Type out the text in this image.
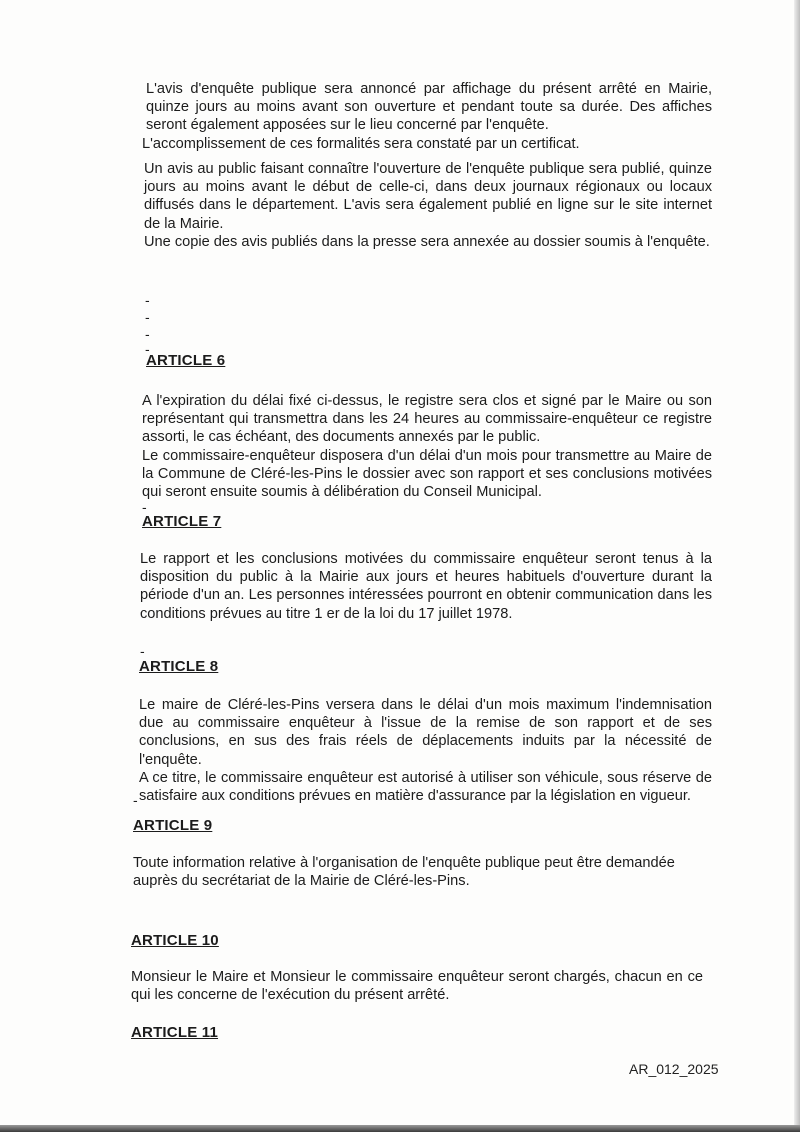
L'avis d'enquête publique sera annoncé par affichage du présent arrêté en Mairie, quinze jours au moins avant son ouverture et pendant toute sa durée. Des affiches seront également apposées sur le lieu concerné par l'enquête.

L'accomplissement de ces formalités sera constaté par un certificat.

Un avis au public faisant connaître l'ouverture de l'enquête publique sera publié, quinze jours au moins avant le début de celle-ci, dans deux journaux régionaux ou locaux diffusés dans le département. L'avis sera également publié en ligne sur le site internet de la Mairie.

Une copie des avis publiés dans la presse sera annexée au dossier soumis à l'enquête.

-
-
-
-
ARTICLE 6

A l'expiration du délai fixé ci-dessus, le registre sera clos et signé par le Maire ou son représentant qui transmettra dans les 24 heures au commissaire-enquêteur ce registre assorti, le cas échéant, des documents annexés par le public.

Le commissaire-enquêteur disposera d'un délai d'un mois pour transmettre au Maire de la Commune de Cléré-les-Pins le dossier avec son rapport et ses conclusions motivées qui seront ensuite soumis à délibération du Conseil Municipal.

-
ARTICLE 7

Le rapport et les conclusions motivées du commissaire enquêteur seront tenus à la disposition du public à la Mairie aux jours et heures habituels d'ouverture durant la période d'un an. Les personnes intéressées pourront en obtenir communication dans les conditions prévues au titre 1 er de la loi du 17 juillet 1978.

-
ARTICLE 8

Le maire de Cléré-les-Pins versera dans le délai d'un mois maximum l'indemnisation due au commissaire enquêteur à l'issue de la remise de son rapport et de ses conclusions, en sus des frais réels de déplacements induits par la nécessité de l'enquête.

A ce titre, le commissaire enquêteur est autorisé à utiliser son véhicule, sous réserve de satisfaire aux conditions prévues en matière d'assurance par la législation en vigueur.

-
ARTICLE 9

Toute information relative à l'organisation de l'enquête publique peut être demandée auprès du secrétariat de la Mairie de Cléré-les-Pins.

ARTICLE 10

Monsieur le Maire et Monsieur le commissaire enquêteur seront chargés, chacun en ce qui les concerne de l'exécution du présent arrêté.

ARTICLE 11
AR_012_2025
